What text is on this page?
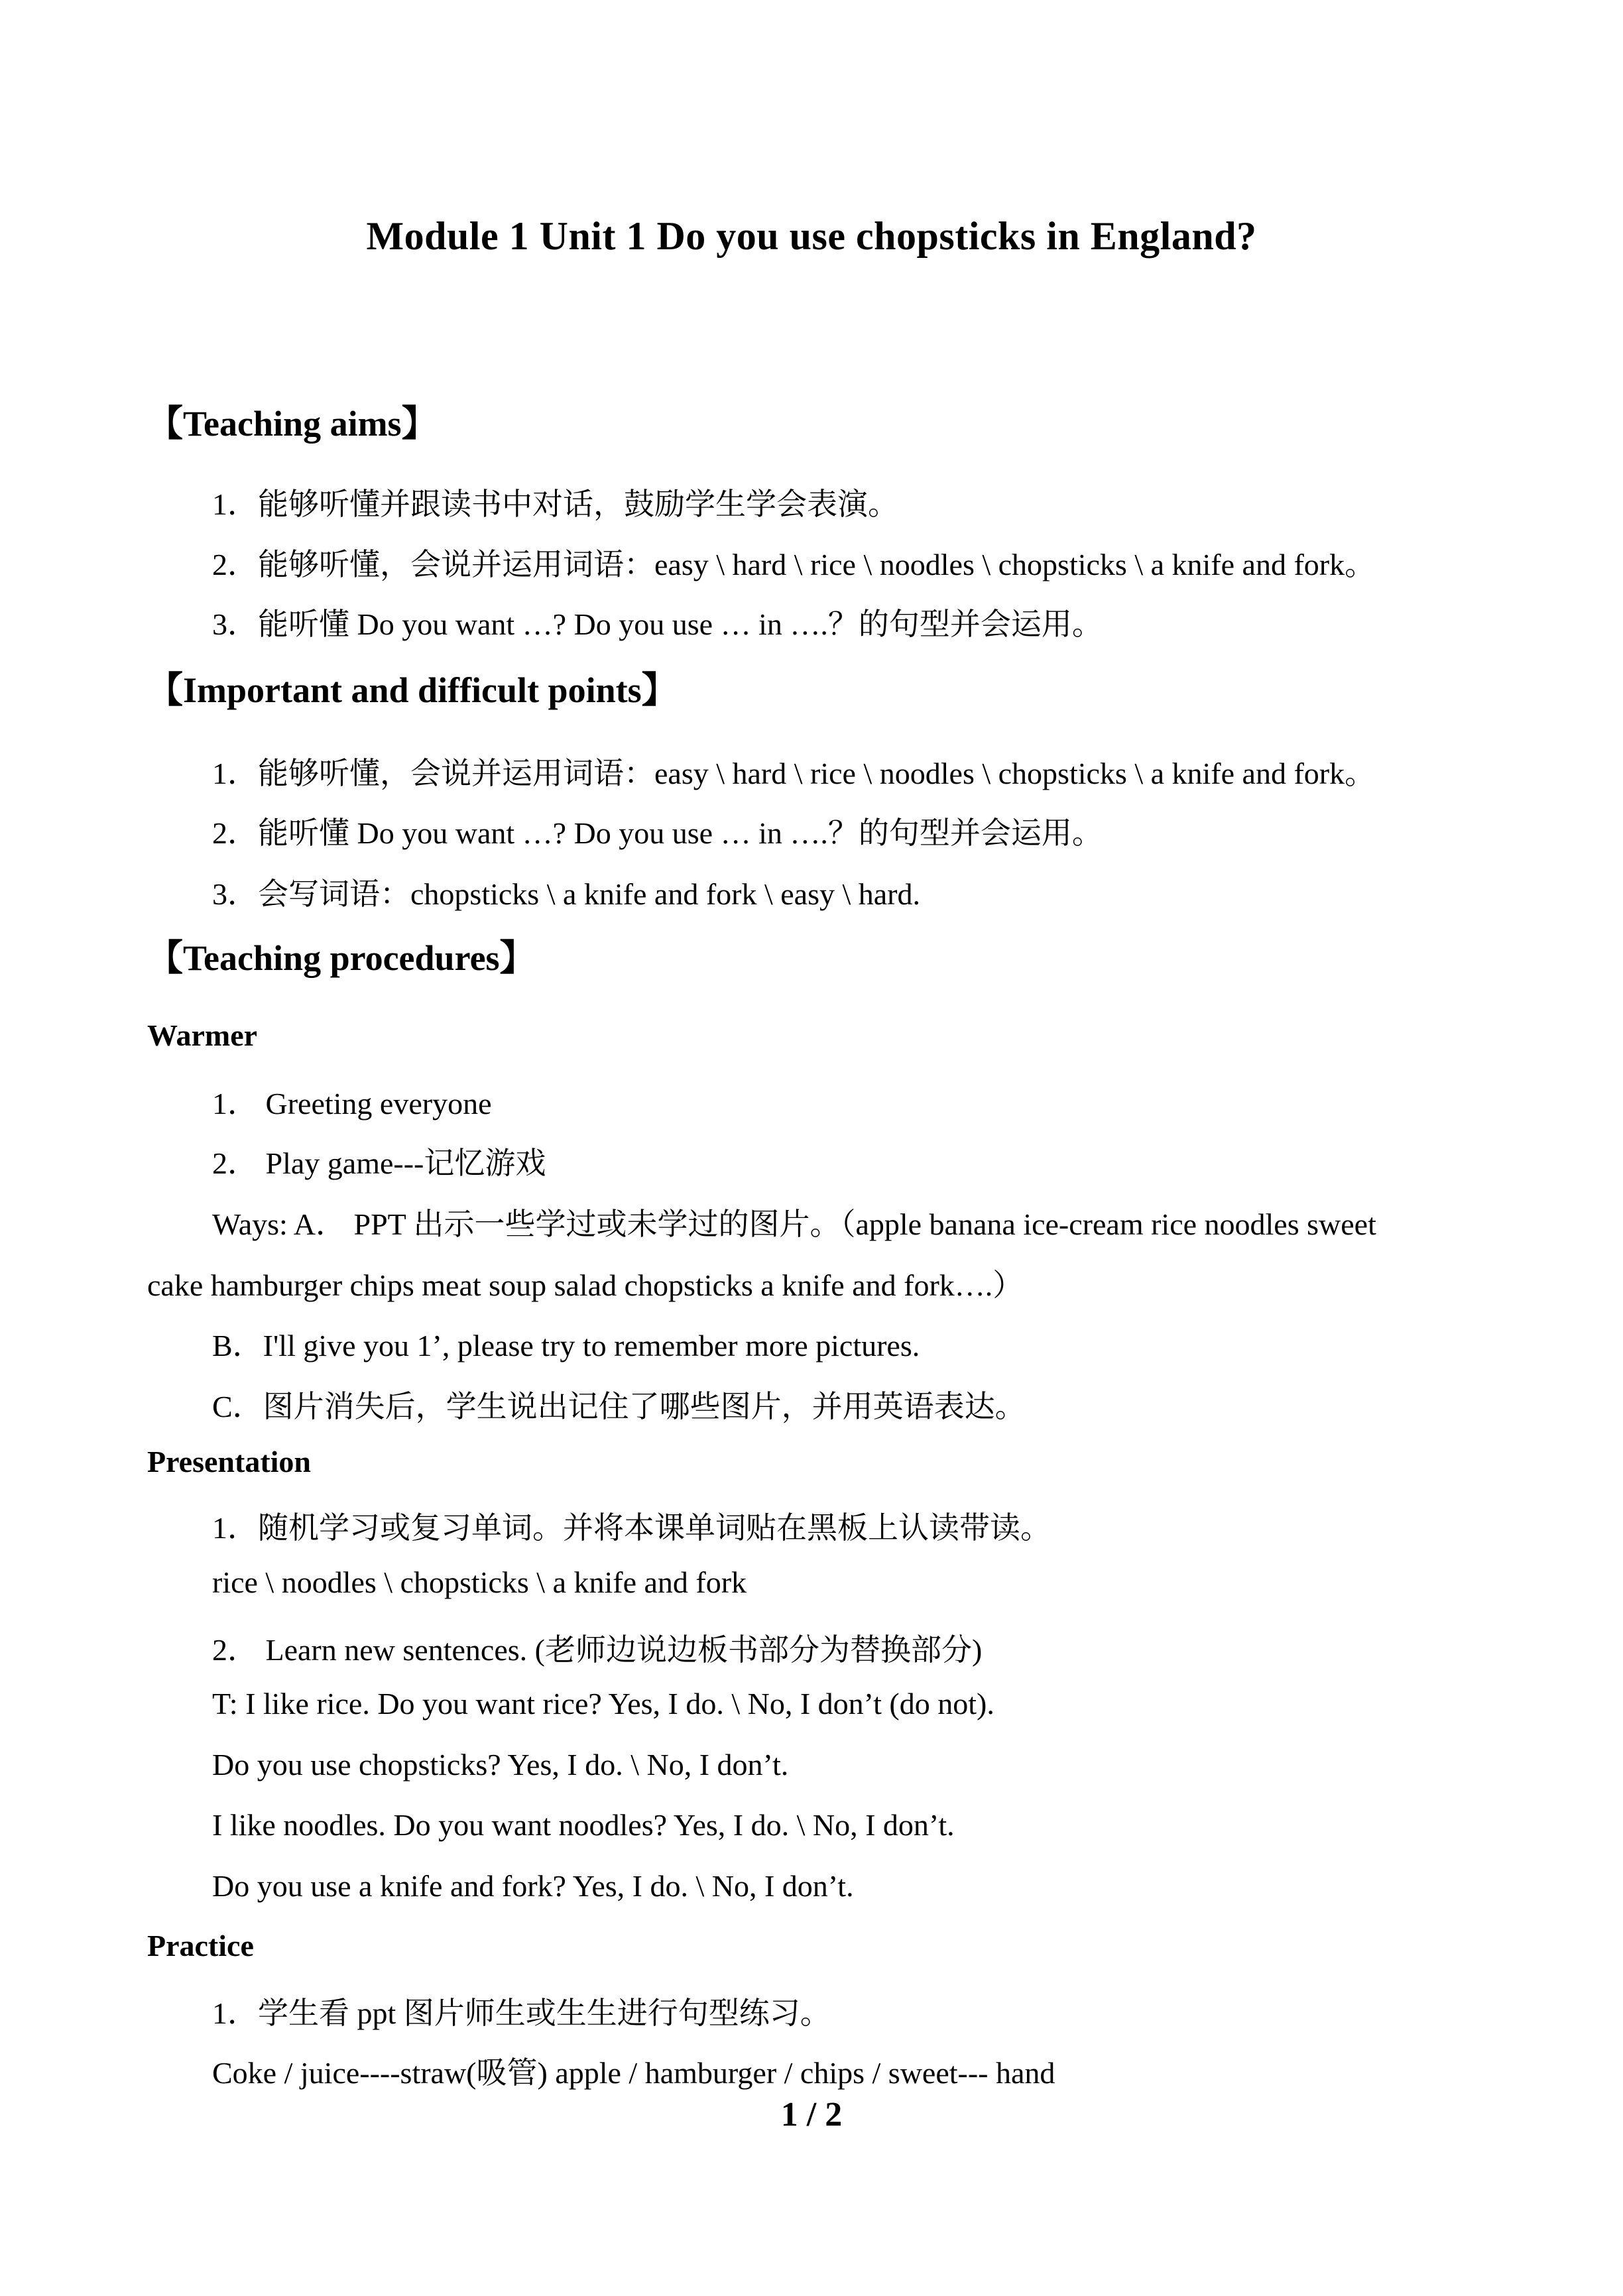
Module 1 Unit 1 Do you use chopsticks in England?
【Teaching aims】
1．能够听懂并跟读书中对话，鼓励学生学会表演。
2．能够听懂，会说并运用词语：easy \ hard \ rice \ noodles \ chopsticks \ a knife and fork。
3．能听懂 Do you want …? Do you use … in ….？的句型并会运用。
【Important and difficult points】
1．能够听懂，会说并运用词语：easy \ hard \ rice \ noodles \ chopsticks \ a knife and fork。
2．能听懂 Do you want …? Do you use … in ….？的句型并会运用。
3．会写词语：chopsticks \ a knife and fork \ easy \ hard.
【Teaching procedures】
Warmer
1． Greeting everyone
2． Play game---记忆游戏
Ways: A． PPT 出示一些学过或未学过的图片。（apple banana ice-cream rice noodles sweet
cake hamburger chips meat soup salad chopsticks a knife and fork….）
B．I'll give you 1’, please try to remember more pictures.
C．图片消失后，学生说出记住了哪些图片，并用英语表达。
Presentation
1．随机学习或复习单词。并将本课单词贴在黑板上认读带读。
rice \ noodles \ chopsticks \ a knife and fork
2． Learn new sentences. (老师边说边板书部分为替换部分)
T: I like rice. Do you want rice? Yes, I do. \ No, I don’t (do not).
Do you use chopsticks? Yes, I do. \ No, I don’t.
I like noodles. Do you want noodles? Yes, I do. \ No, I don’t.
Do you use a knife and fork? Yes, I do. \ No, I don’t.
Practice
1．学生看 ppt 图片师生或生生进行句型练习。
Coke / juice----straw(吸管) apple / hamburger / chips / sweet--- hand
1 / 2
